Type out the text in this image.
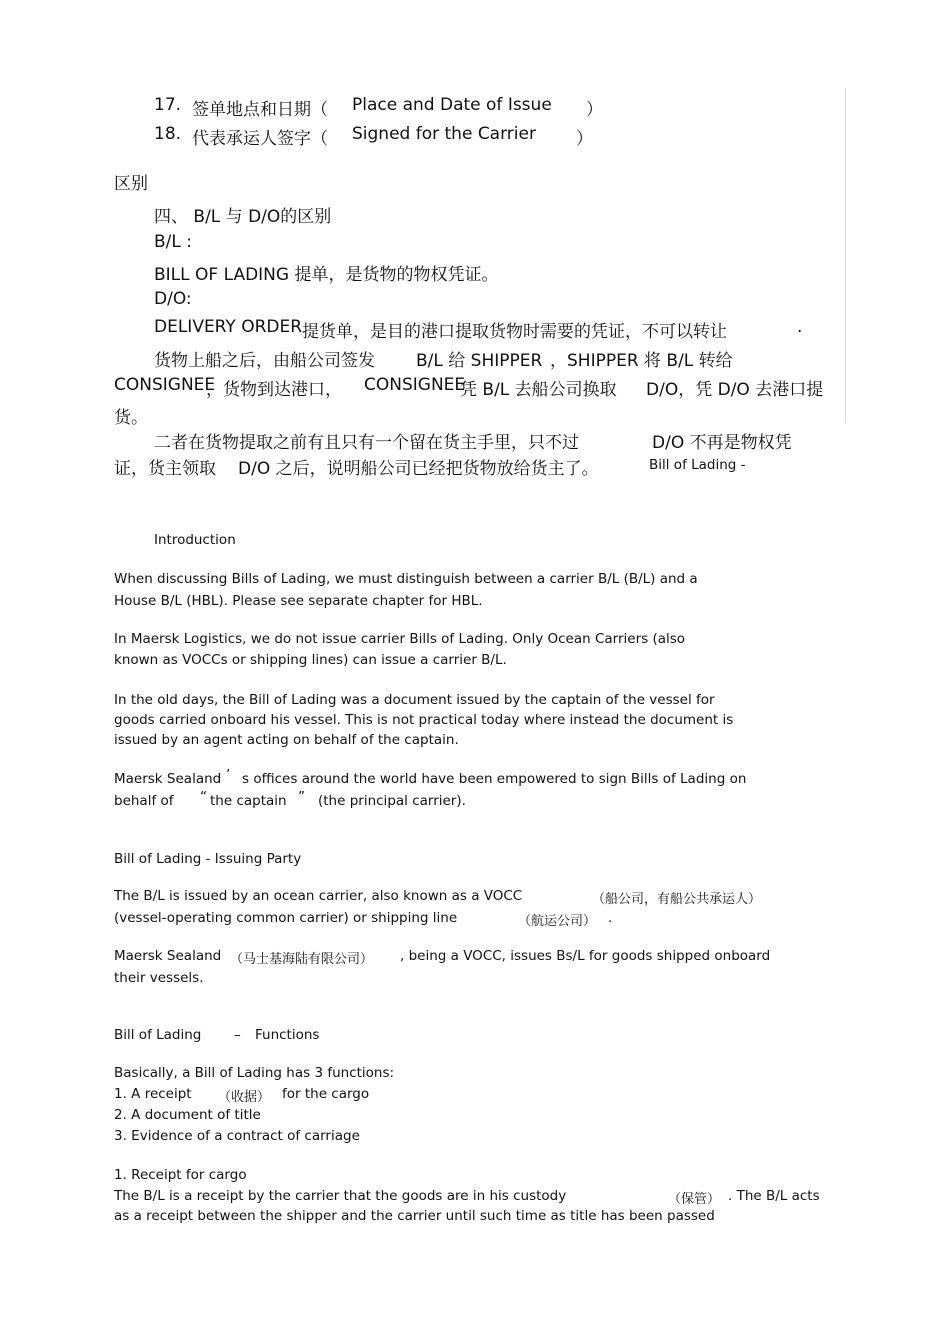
17. 签单地点和日期（ Place and Date of Issue ）
18. 代表承运人签字（ Signed for the Carrier ）
区别
四、 B/L 与 D/O的区别
B/L :
BILL OF LADING 提单，是货物的物权凭证。
D/O:
DELIVERY ORDER 提货单，是目的港口提取货物时需要的凭证，不可以转让	.
货物上船之后，由船公司签发 B/L 给 SHIPPER ，SHIPPER 将 B/L 转给
CONSIGNEE
，货物到达港口， CONSIGNEE
凭 B/L 去船公司换取 D/O，凭 D/O 去港口提
货。
二者在货物提取之前有且只有一个留在货主手里，只不过	D/O 不再是物权凭
证，货主领取 D/O 之后，说明船公司已经把货物放给货主了。	Bill of Lading -
Introduction
When discussing Bills of Lading, we must distinguish between a carrier B/L (B/L) and a
House B/L (HBL). Please see separate chapter for HBL.
In Maersk Logistics, we do not issue carrier Bills of Lading. Only Ocean Carriers (also
known as VOCCs or shipping lines) can issue a carrier B/L.
In the old days, the Bill of Lading was a document issued by the captain of the vessel for
goods carried onboard his vessel. This is not practical today where instead the document is
issued by an agent acting on behalf of the captain.
Maersk Sealand ’ s offices around the world have been empowered to sign Bills of Lading on
behalf of “ the captain ” (the principal carrier).
Bill of Lading - Issuing Party
The B/L is issued by an ocean carrier, also known as a VOCC	（船公司，有船公共承运人）
(vessel-operating common carrier) or shipping line	（航运公司） .
Maersk Sealand （马士基海陆有限公司） , being a VOCC, issues Bs/L for goods shipped onboard
their vessels.
Bill of Lading – Functions
Basically, a Bill of Lading has 3 functions:
1. A receipt （收据） for the cargo
2. A document of title
3. Evidence of a contract of carriage
1. Receipt for cargo
The B/L is a receipt by the carrier that the goods are in his custody	（保管） . The B/L acts
as a receipt between the shipper and the carrier until such time as title has been passed
